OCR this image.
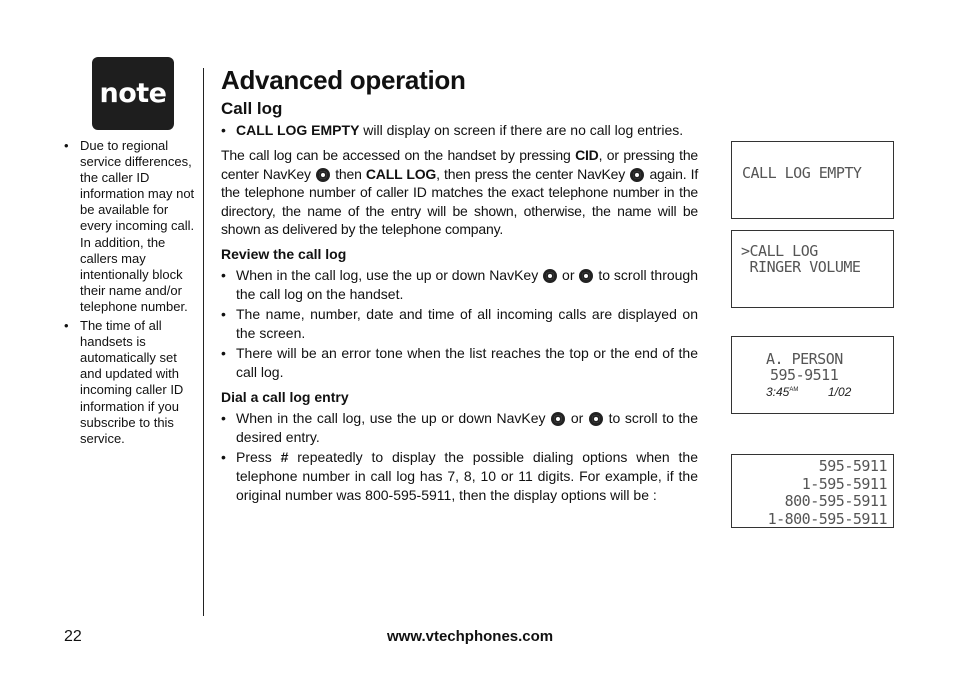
note
• Due to regional service differences, the caller ID information may not be available for every incoming call. In addition, the callers may intentionally block their name and/or telephone number.
• The time of all handsets is automatically set and updated with incoming caller ID information if you subscribe to this service.
Advanced operation
Call log
• CALL LOG EMPTY will display on screen if there are no call log entries.

The call log can be accessed on the handset by pressing CID, or pressing the center NavKey  then CALL LOG, then press the center NavKey  again. If the telephone number of caller ID matches the exact telephone number in the directory, the name of the entry will be shown, otherwise, the name will be shown as delivered by the telephone company.

Review the call log
• When in the call log, use the up or down NavKey  or  to scroll through the call log on the handset.
• The name, number, date and time of all incoming calls are displayed on the screen.
• There will be an error tone when the list reaches the top or the end of the call log.
Dial a call log entry
• When in the call log, use the up or down NavKey  or  to scroll to the desired entry.
• Press # repeatedly to display the possible dialing options when the telephone number in call log has 7, 8, 10 or 11 digits. For example, if the original number was 800-595-5911, then the display options will be :
CALL LOG EMPTY
>CALL LOG
RINGER VOLUME
A. PERSON
595-9511
$3:45^{AM}$ 1/02
595-5911
1-595-5911
800-595-5911
1-800-595-5911
22	www.vtechphones.com
